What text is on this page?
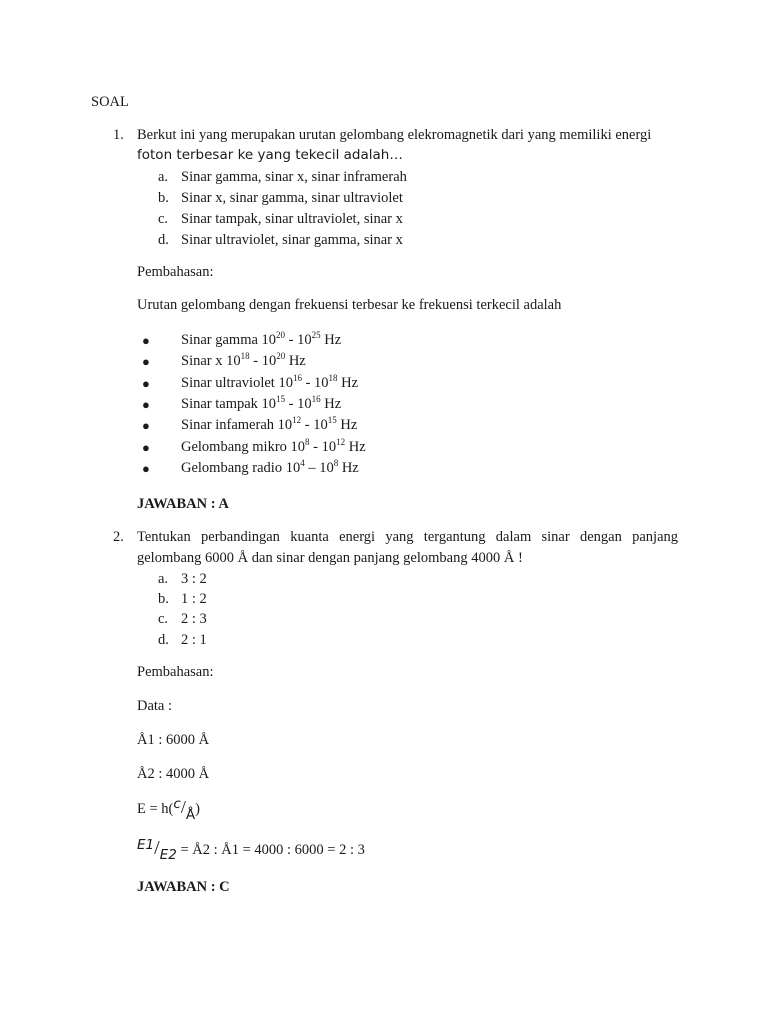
SOAL
1. Berkut ini yang merupakan urutan gelombang elekromagnetik dari yang memiliki energi
foton terbesar ke yang tekecil adalah…
a. Sinar gamma, sinar x, sinar inframerah
b. Sinar x, sinar gamma, sinar ultraviolet
c. Sinar tampak, sinar ultraviolet, sinar x
d. Sinar ultraviolet, sinar gamma, sinar x
Pembahasan:
Urutan gelombang dengan frekuensi terbesar ke frekuensi terkecil adalah
● Sinar gamma $10^{20} - 10^{25}$ Hz
● Sinar x $10^{18} - 10^{20}$ Hz
● Sinar ultraviolet $10^{16} - 10^{18}$ Hz
● Sinar tampak $10^{15} - 10^{16}$ Hz
● Sinar infamerah $10^{12} - 10^{15}$ Hz
● Gelombang mikro $10^8 - 10^{12}$ Hz
● Gelombang radio $10^4 - 10^8$ Hz
JAWABAN : A
2. Tentukan perbandingan kuanta energi yang tergantung dalam sinar dengan panjang
gelombang 6000 Å dan sinar dengan panjang gelombang 4000 Å !
a. 3 : 2
b. 1 : 2
c. 2 : 3
d. 2 : 1
Pembahasan:
Data :
Å1 : 6000 Å
Å2 : 4000 Å
E = h(c/Å)
E1/E2 = Å2 : Å1 = 4000 : 6000 = 2 : 3
JAWABAN : C
